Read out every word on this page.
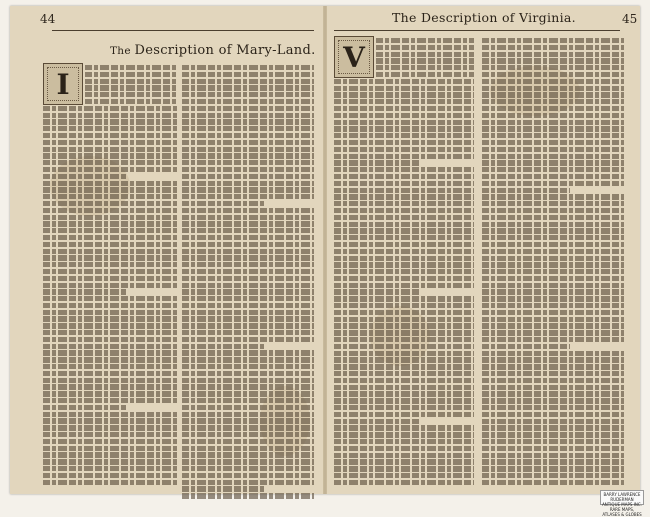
44
The Description of Mary-Land.
I
The Description of Virginia.	45
V
BARRY LAWRENCE RUDERMAN
ANTIQUE MAPS INC.
RARE MAPS, ATLASES & GLOBES
